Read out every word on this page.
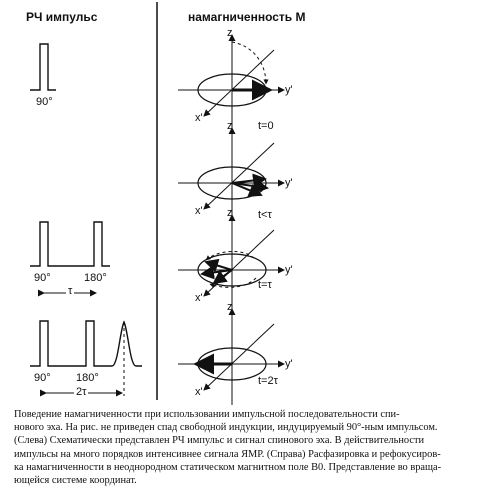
РЧ импульс	намагниченность М
90°
90°	180°
τ
90° 180°
2τ
z
y'
x'
t=0
z
y'
x'	t<τ
z
y'
x'
t=τ
z
y'
x'
t=2τ
Поведение намагниченности при использовании импульсной последовательности спи-
нового эха. На рис. не приведен спад свободной индукции, индуцируемый 90°-ным импульсом.
(Слева) Схематически представлен РЧ импульс и сигнал спинового эха. В действительности
импульсы на много порядков интенсивнее сигнала ЯМР. (Справа) Расфазировка и рефокусиров-
ка намагниченности в неоднородном статическом магнитном поле B0. Представление во враща-
ющейся системе координат.
